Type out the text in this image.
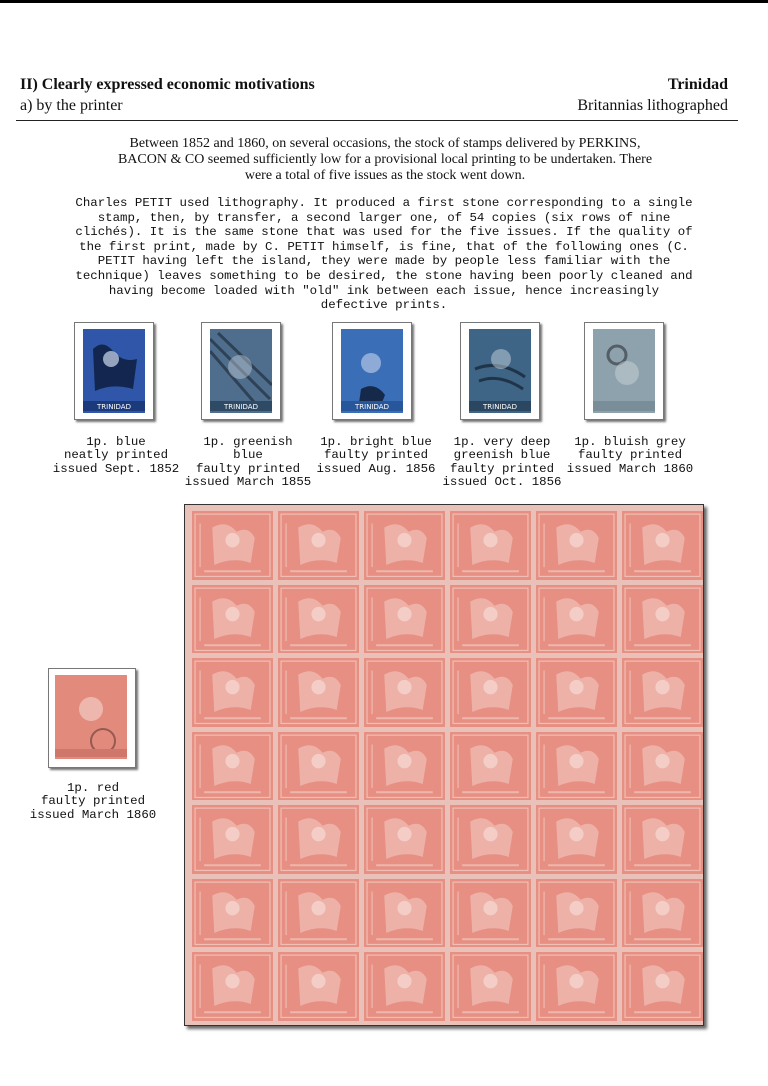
II) Clearly expressed economic motivations
a) by the printer
Trinidad
Britannias lithographed
Between 1852 and 1860, on several occasions, the stock of stamps delivered by PERKINS,
BACON & CO seemed sufficiently low for a provisional local printing to be undertaken. There
were a total of five issues as the stock went down.
Charles PETIT used lithography. It produced a first stone corresponding to a single
stamp, then, by transfer, a second larger one, of 54 copies (six rows of nine
clichés). It is the same stone that was used for the five issues. If the quality of
the first print, made by C. PETIT himself, is fine, that of the following ones (C.
PETIT having left the island, they were made by people less familiar with the
technique) leaves something to be desired, the stone having been poorly cleaned and
having become loaded with "old" ink between each issue, hence increasingly
defective prints.
TRINIDAD
1p. blue
neatly printed
issued Sept. 1852
TRINIDAD
1p. greenish
blue
faulty printed
issued March 1855
TRINIDAD
1p. bright blue
faulty printed
issued Aug. 1856
TRINIDAD
1p. very deep
greenish blue
faulty printed
issued Oct. 1856
1p. bluish grey
faulty printed
issued March 1860
1p. red
faulty printed
issued March 1860
